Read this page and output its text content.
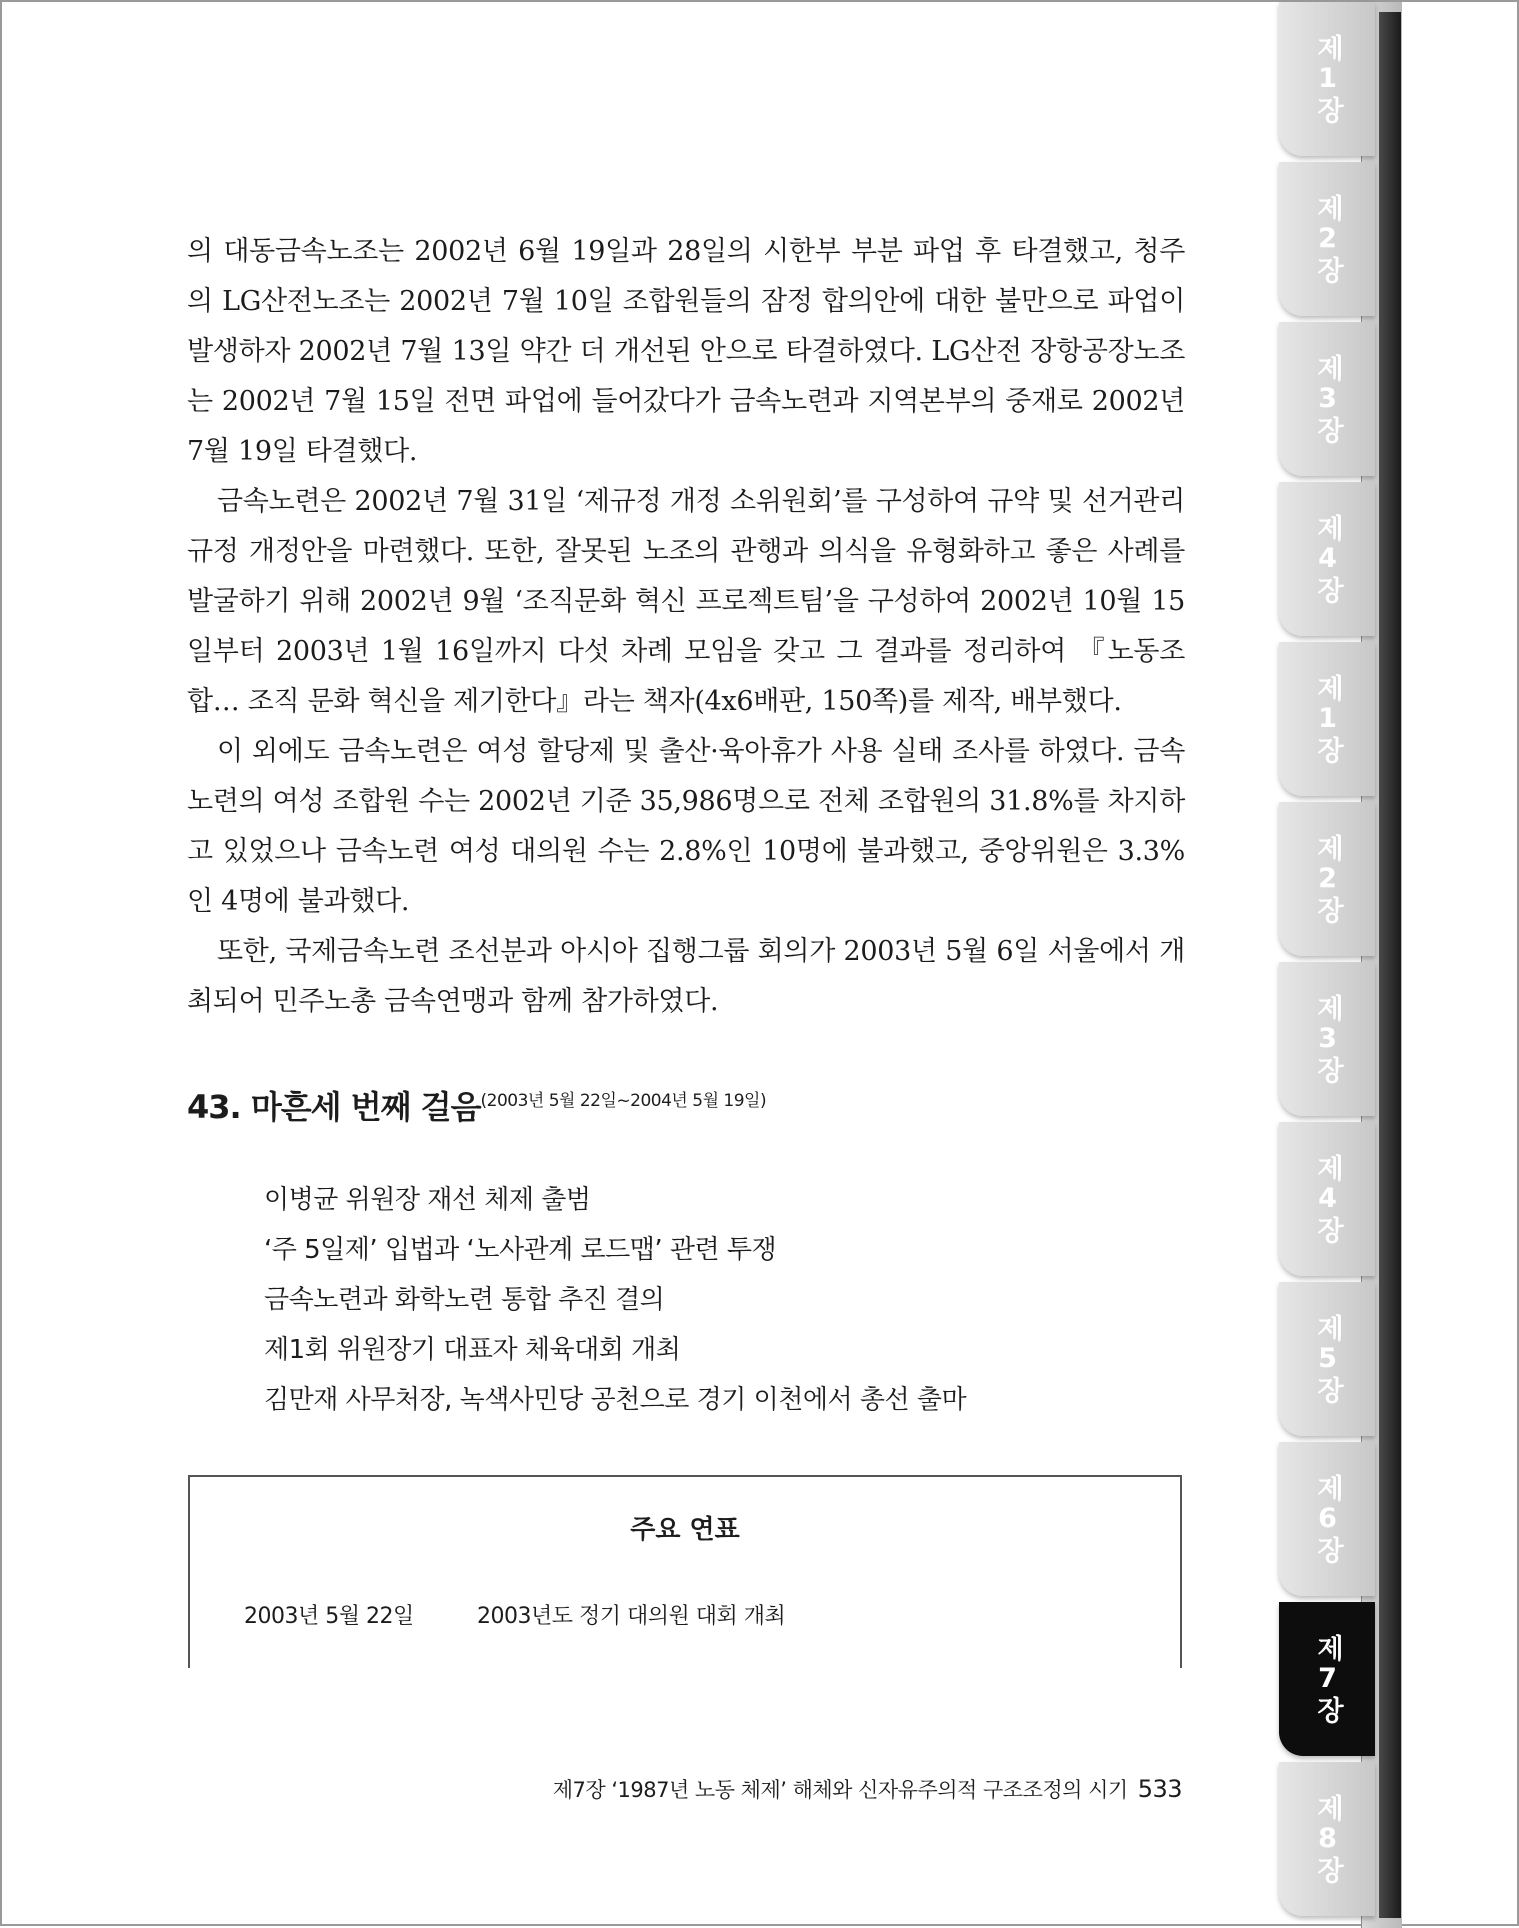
제1장
제2장
제3장
제4장
제1장
제2장
제3장
제4장
제5장
제6장
제7장
제8장

의 대동금속노조는 2002년 6월 19일과 28일의 시한부 부분 파업 후 타결했고, 청주의 LG산전노조는 2002년 7월 10일 조합원들의 잠정 합의안에 대한 불만으로 파업이 발생하자 2002년 7월 13일 약간 더 개선된 안으로 타결하였다. LG산전 장항공장노조는 2002년 7월 15일 전면 파업에 들어갔다가 금속노련과 지역본부의 중재로 2002년 7월 19일 타결했다.

금속노련은 2002년 7월 31일 ‘제규정 개정 소위원회’를 구성하여 규약 및 선거관리규정 개정안을 마련했다. 또한, 잘못된 노조의 관행과 의식을 유형화하고 좋은 사례를 발굴하기 위해 2002년 9월 ‘조직문화 혁신 프로젝트팀’을 구성하여 2002년 10월 15일부터 2003년 1월 16일까지 다섯 차례 모임을 갖고 그 결과를 정리하여 『노동조합… 조직 문화 혁신을 제기한다』라는 책자(4x6배판, 150쪽)를 제작, 배부했다.

이 외에도 금속노련은 여성 할당제 및 출산·육아휴가 사용 실태 조사를 하였다. 금속노련의 여성 조합원 수는 2002년 기준 35,986명으로 전체 조합원의 31.8%를 차지하고 있었으나 금속노련 여성 대의원 수는 2.8%인 10명에 불과했고, 중앙위원은 3.3%인 4명에 불과했다.

또한, 국제금속노련 조선분과 아시아 집행그룹 회의가 2003년 5월 6일 서울에서 개최되어 민주노총 금속연맹과 함께 참가하였다.

43. 마흔세 번째 걸음$^{(2003년 5월 22일\sim 2004년 5월 19일)}$
이병균 위원장 재선 체제 출범
‘주 5일제’ 입법과 ‘노사관계 로드맵’ 관련 투쟁
금속노련과 화학노련 통합 추진 결의
제1회 위원장기 대표자 체육대회 개최
김만재 사무처장, 녹색사민당 공천으로 경기 이천에서 총선 출마
주요 연표
2003년 5월 22일	2003년도 정기 대의원 대회 개최
제7장 ‘1987년 노동 체제’ 해체와 신자유주의적 구조조정의 시기 533
